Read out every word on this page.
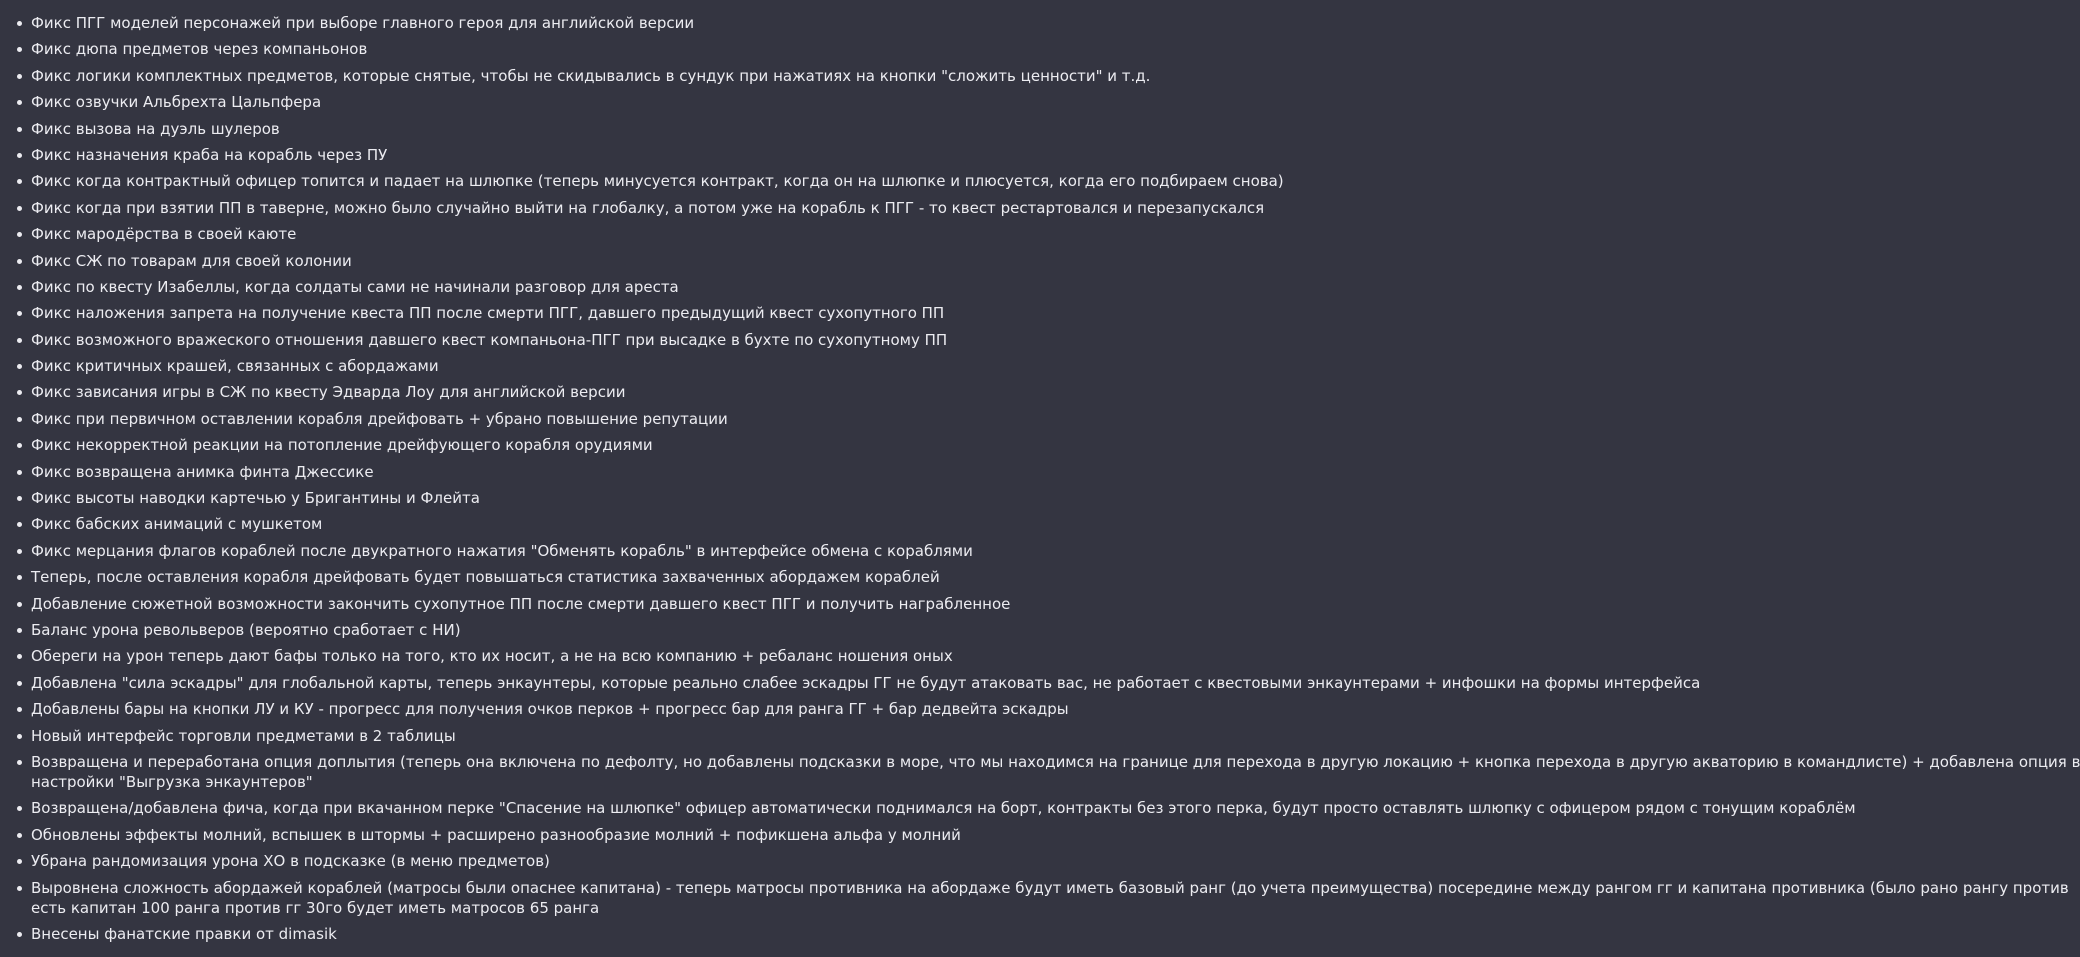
Фикс ПГГ моделей персонажей при выборе главного героя для английской версии
Фикс дюпа предметов через компаньонов
Фикс логики комплектных предметов, которые снятые, чтобы не скидывались в сундук при нажатиях на кнопки "сложить ценности" и т.д.
Фикс озвучки Альбрехта Цальпфера
Фикс вызова на дуэль шулеров
Фикс назначения краба на корабль через ПУ
Фикс когда контрактный офицер топится и падает на шлюпке (теперь минусуется контракт, когда он на шлюпке и плюсуется, когда его подбираем снова)
Фикс когда при взятии ПП в таверне, можно было случайно выйти на глобалку, а потом уже на корабль к ПГГ - то квест рестартовался и перезапускался
Фикс мародёрства в своей каюте
Фикс СЖ по товарам для своей колонии
Фикс по квесту Изабеллы, когда солдаты сами не начинали разговор для ареста
Фикс наложения запрета на получение квеста ПП после смерти ПГГ, давшего предыдущий квест сухопутного ПП
Фикс возможного вражеского отношения давшего квест компаньона-ПГГ при высадке в бухте по сухопутному ПП
Фикс критичных крашей, связанных с абордажами
Фикс зависания игры в СЖ по квесту Эдварда Лоу для английской версии
Фикс при первичном оставлении корабля дрейфовать + убрано повышение репутации
Фикс некорректной реакции на потопление дрейфующего корабля орудиями
Фикс возвращена анимка финта Джессике
Фикс высоты наводки картечью у Бригантины и Флейта
Фикс бабских анимаций с мушкетом
Фикс мерцания флагов кораблей после двукратного нажатия "Обменять корабль" в интерфейсе обмена с кораблями
Теперь, после оставления корабля дрейфовать будет повышаться статистика захваченных абордажем кораблей
Добавление сюжетной возможности закончить сухопутное ПП после смерти давшего квест ПГГ и получить награбленное
Баланс урона револьверов (вероятно сработает с НИ)
Обереги на урон теперь дают бафы только на того, кто их носит, а не на всю компанию + ребаланс ношения оных
Добавлена "сила эскадры" для глобальной карты, теперь энкаунтеры, которые реально слабее эскадры ГГ не будут атаковать вас, не работает с квестовыми энкаунтерами + инфошки на формы интерфейса
Добавлены бары на кнопки ЛУ и КУ - прогресс для получения очков перков + прогресс бар для ранга ГГ + бар дедвейта эскадры
Новый интерфейс торговли предметами в 2 таблицы
Возвращена и переработана опция доплытия (теперь она включена по дефолту, но добавлены подсказки в море, что мы находимся на границе для перехода в другую локацию + кнопка перехода в другую акваторию в командлисте) + добавлена опция в
настройки "Выгрузка энкаунтеров"
Возвращена/добавлена фича, когда при вкачанном перке "Спасение на шлюпке" офицер автоматически поднимался на борт, контракты без этого перка, будут просто оставлять шлюпку с офицером рядом с тонущим кораблём
Обновлены эффекты молний, вспышек в штормы + расширено разнообразие молний + пофикшена альфа у молний
Убрана рандомизация урона ХО в подсказке (в меню предметов)
Выровнена сложность абордажей кораблей (матросы были опаснее капитана) - теперь матросы противника на абордаже будут иметь базовый ранг (до учета преимущества) посередине между рангом гг и капитана противника (было рано рангу против
есть капитан 100 ранга против гг 30го будет иметь матросов 65 ранга
Внесены фанатские правки от dimasik
